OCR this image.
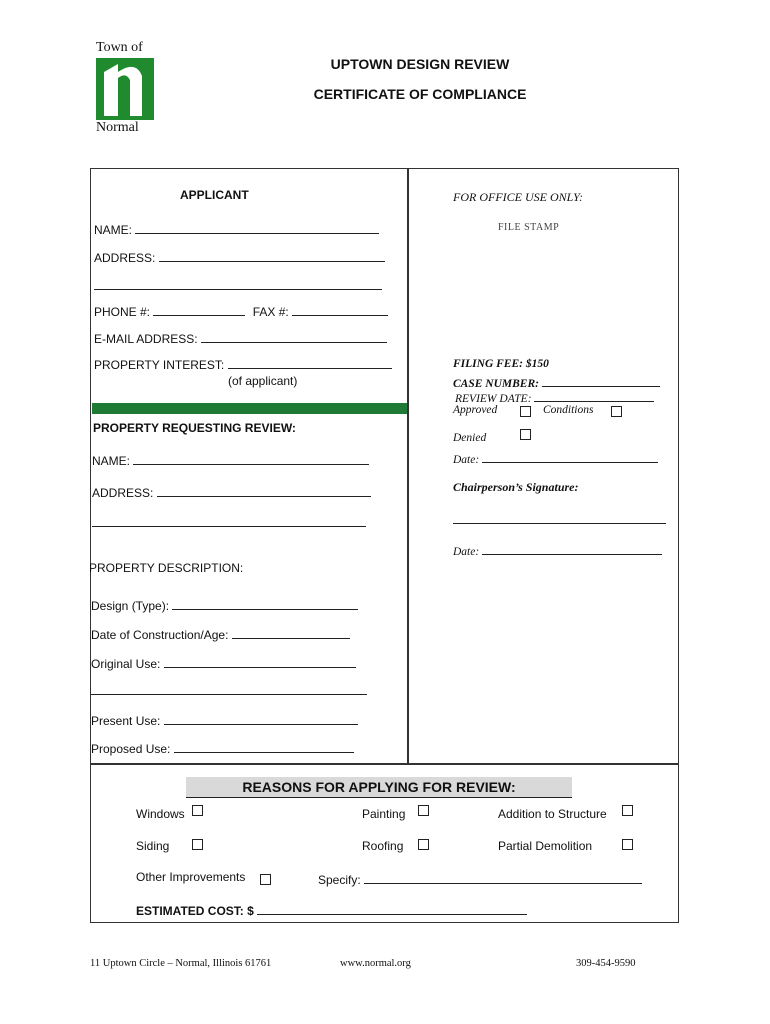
Town of
Normal
UPTOWN DESIGN REVIEW
CERTIFICATE OF COMPLIANCE
APPLICANT
NAME:
ADDRESS:
PHONE #:	FAX #:
E-MAIL ADDRESS:
PROPERTY INTEREST:
(of applicant)
PROPERTY REQUESTING REVIEW:
NAME:
ADDRESS:
PROPERTY DESCRIPTION:
Design (Type):
Date of Construction/Age:
Original Use:
Present Use:
Proposed Use:
FOR OFFICE USE ONLY:
FILE STAMP
FILING FEE: $150
CASE NUMBER:
REVIEW DATE:
Approved	Conditions
Denied
Date:
Chairperson’s Signature:
Date:
REASONS FOR APPLYING FOR REVIEW:
Windows	Painting	Addition to Structure
Siding	Roofing	Partial Demolition
Other Improvements	Specify:
ESTIMATED COST: $
11 Uptown Circle – Normal, Illinois 61761	www.normal.org	309-454-9590
